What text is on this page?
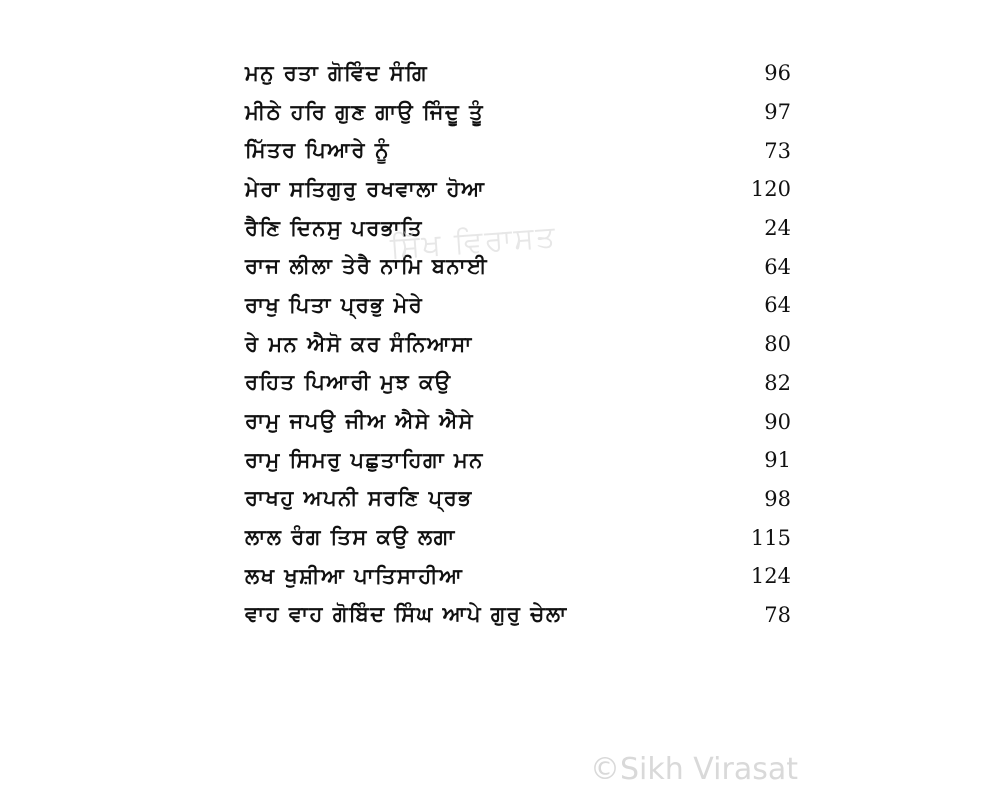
ਮਨੁ ਰਤਾ ਗੋਵਿੰਦ ਸੰਗਿ	96
ਮੀਠੇ ਹਰਿ ਗੁਣ ਗਾਉ ਜਿੰਦੂ ਤੂੰ	97
ਮਿੱਤਰ ਪਿਆਰੇ ਨੂੰ	73
ਮੇਰਾ ਸਤਿਗੁਰੁ ਰਖਵਾਲਾ ਹੋਆ	120
ਰੈਣਿ ਦਿਨਸੁ ਪਰਭਾਤਿ	24
ਰਾਜ ਲੀਲਾ ਤੇਰੈ ਨਾਮਿ ਬਨਾਈ	64
ਰਾਖੁ ਪਿਤਾ ਪ੍ਰਭੁ ਮੇਰੇ	64
ਰੇ ਮਨ ਐਸੋ ਕਰ ਸੰਨਿਆਸਾ	80
ਰਹਿਤ ਪਿਆਰੀ ਮੁਝ ਕਉ	82
ਰਾਮੁ ਜਪਉ ਜੀਅ ਐਸੇ ਐਸੇ	90
ਰਾਮੁ ਸਿਮਰੁ ਪਛੁਤਾਹਿਗਾ ਮਨ	91
ਰਾਖਹੁ ਅਪਨੀ ਸਰਣਿ ਪ੍ਰਭ	98
ਲਾਲ ਰੰਗ ਤਿਸ ਕਉ ਲਗਾ	115
ਲਖ ਖੁਸ਼ੀਆ ਪਾਤਿਸਾਹੀਆ	124
ਵਾਹ ਵਾਹ ਗੋਬਿੰਦ ਸਿੰਘ ਆਪੇ ਗੁਰੁ ਚੇਲਾ	78
ਸਿੱਖ ਵਿਰਾਸਤ
©Sikh Virasat
